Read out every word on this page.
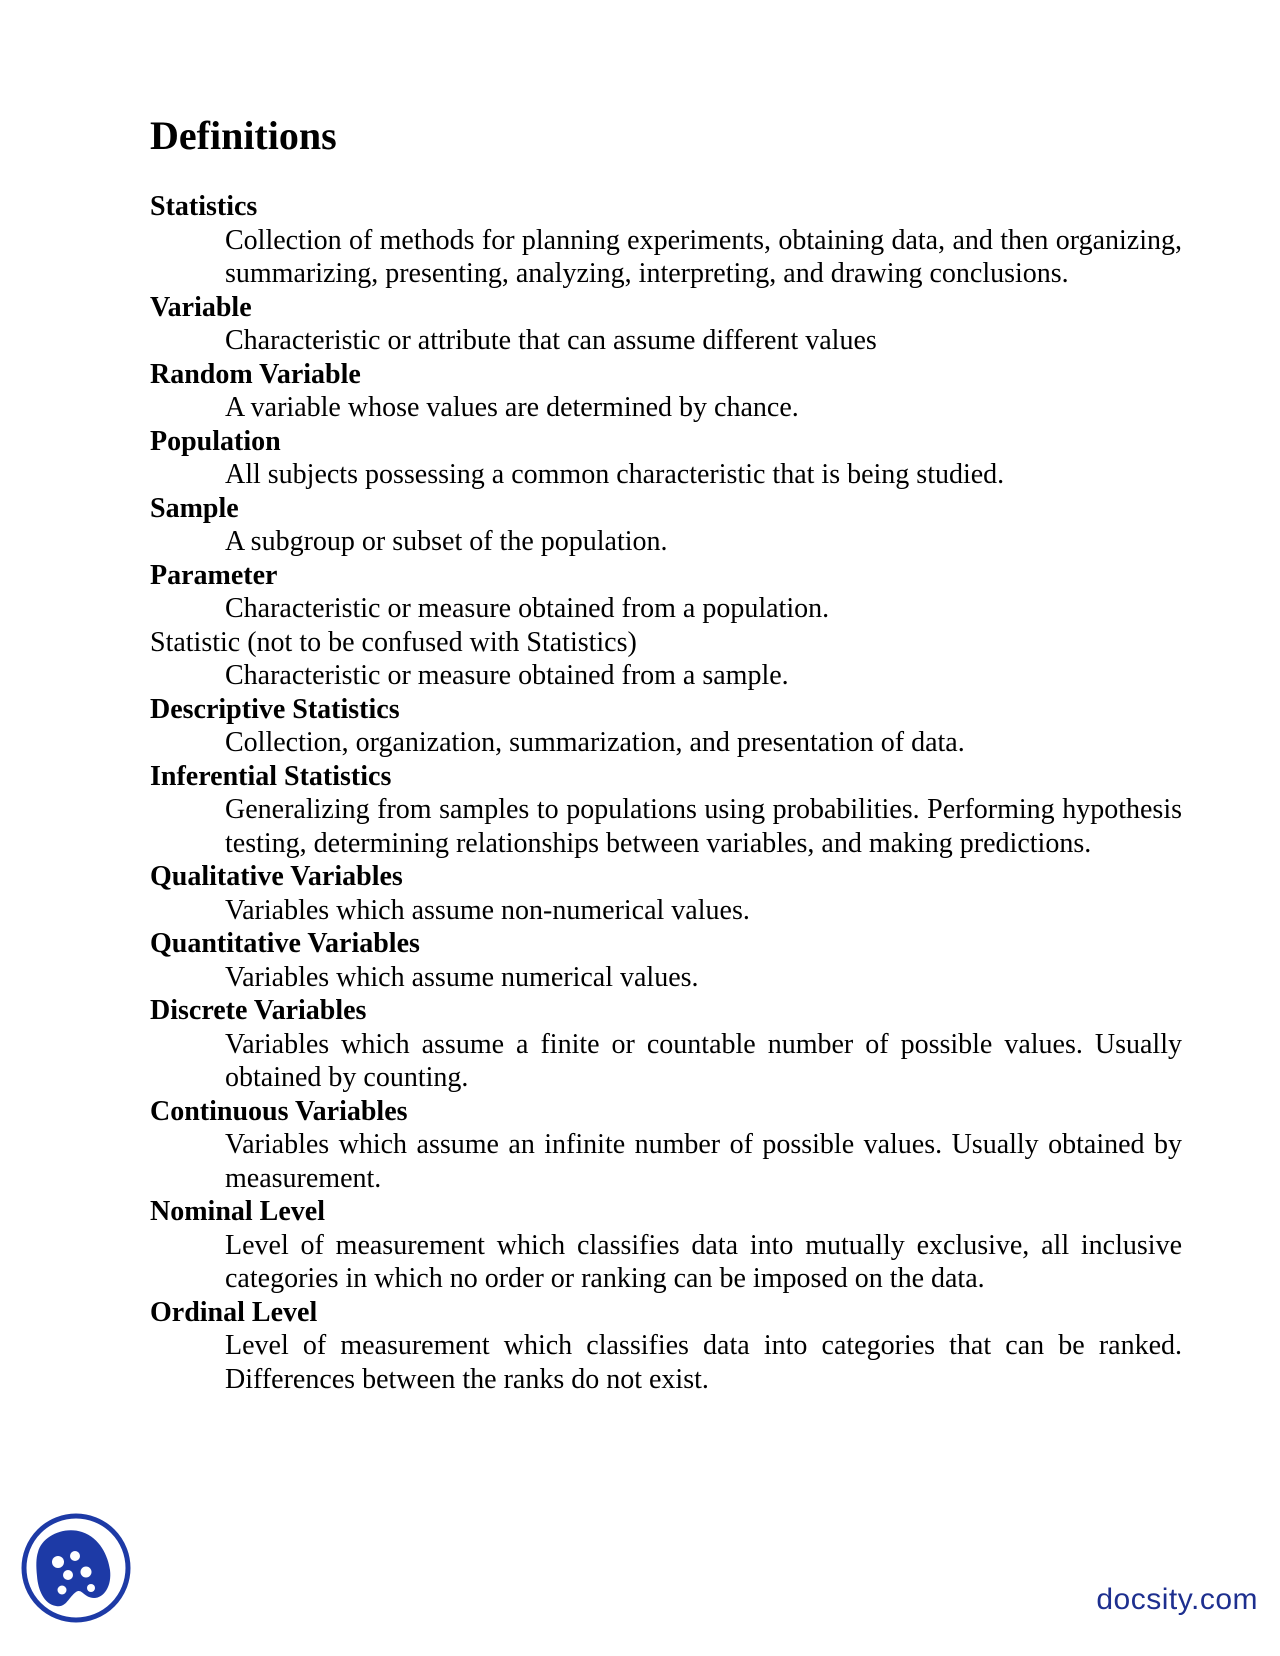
Definitions
Statistics
Collection of methods for planning experiments, obtaining data, and then organizing, summarizing, presenting, analyzing, interpreting, and drawing conclusions.
Variable
Characteristic or attribute that can assume different values
Random Variable
A variable whose values are determined by chance.
Population
All subjects possessing a common characteristic that is being studied.
Sample
A subgroup or subset of the population.
Parameter
Characteristic or measure obtained from a population.
Statistic (not to be confused with Statistics)
Characteristic or measure obtained from a sample.
Descriptive Statistics
Collection, organization, summarization, and presentation of data.
Inferential Statistics
Generalizing from samples to populations using probabilities. Performing hypothesis testing, determining relationships between variables, and making predictions.
Qualitative Variables
Variables which assume non-numerical values.
Quantitative Variables
Variables which assume numerical values.
Discrete Variables
Variables which assume a finite or countable number of possible values. Usually obtained by counting.
Continuous Variables
Variables which assume an infinite number of possible values. Usually obtained by measurement.
Nominal Level
Level of measurement which classifies data into mutually exclusive, all inclusive categories in which no order or ranking can be imposed on the data.
Ordinal Level
Level of measurement which classifies data into categories that can be ranked. Differences between the ranks do not exist.
docsity.com
